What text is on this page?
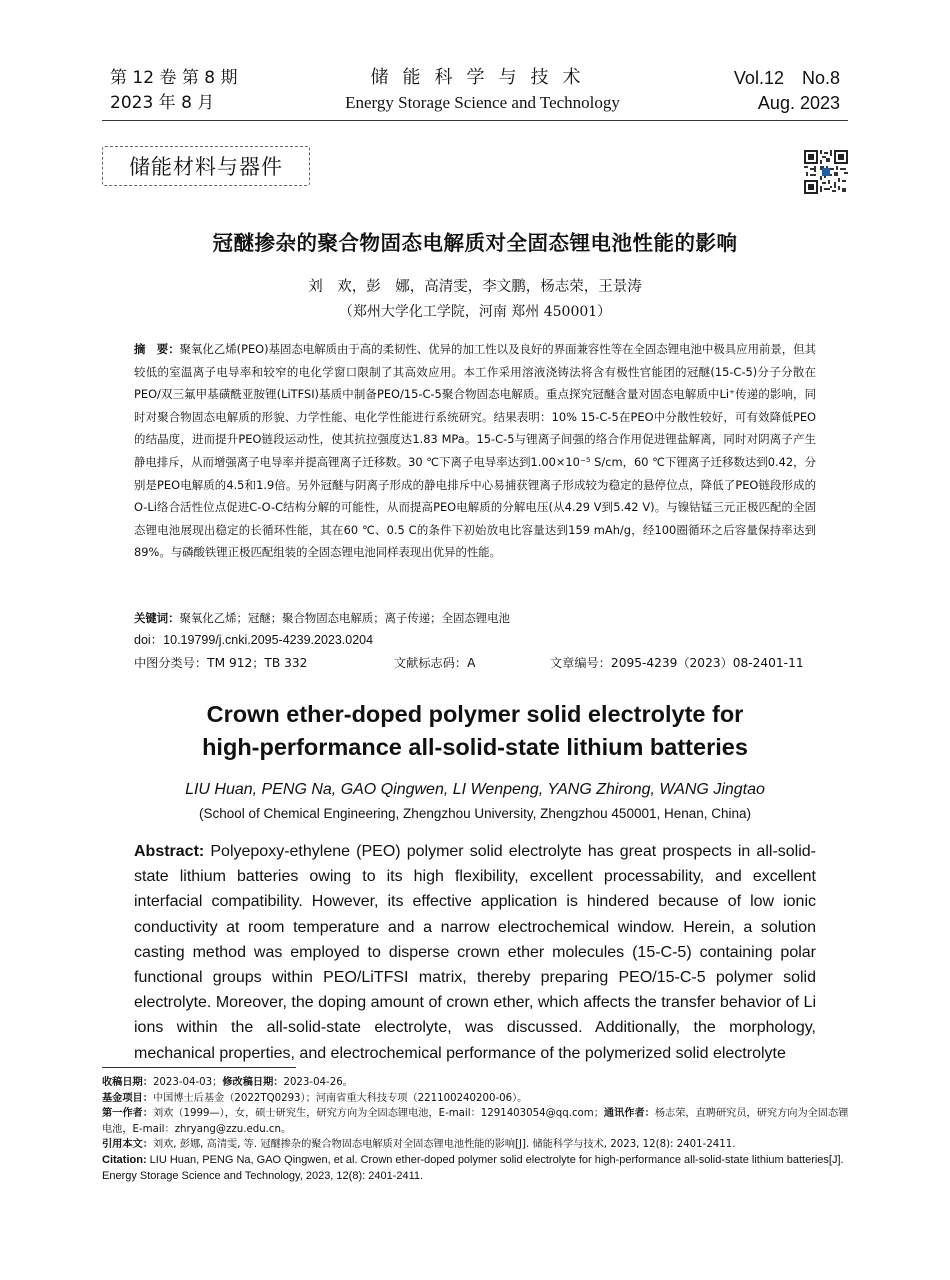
第 12 卷 第 8 期
2023 年 8 月
储能科学与技术
Energy Storage Science and Technology
Vol.12　No.8
Aug. 2023
储能材料与器件
冠醚掺杂的聚合物固态电解质对全固态锂电池性能的影响
刘　欢，彭　娜，高清雯，李文鹏，杨志荣，王景涛
（郑州大学化工学院，河南 郑州 450001）
摘　要：聚氧化乙烯(PEO)基固态电解质由于高的柔韧性、优异的加工性以及良好的界面兼容性等在全固态锂电池中极具应用前景，但其较低的室温离子电导率和较窄的电化学窗口限制了其高效应用。本工作采用溶液浇铸法将含有极性官能团的冠醚(15-C-5)分子分散在PEO/双三氟甲基磺酰亚胺锂(LiTFSI)基质中制备PEO/15-C-5聚合物固态电解质。重点探究冠醚含量对固态电解质中Li⁺传递的影响，同时对聚合物固态电解质的形貌、力学性能、电化学性能进行系统研究。结果表明：10% 15-C-5在PEO中分散性较好，可有效降低PEO的结晶度，进而提升PEO链段运动性，使其抗拉强度达1.83 MPa。15-C-5与锂离子间强的络合作用促进锂盐解离，同时对阴离子产生静电排斥，从而增强离子电导率并提高锂离子迁移数。30 ℃下离子电导率达到1.00×10⁻⁵ S/cm，60 ℃下锂离子迁移数达到0.42，分别是PEO电解质的4.5和1.9倍。另外冠醚与阴离子形成的静电排斥中心易捕获锂离子形成较为稳定的悬停位点，降低了PEO链段形成的O-Li络合活性位点促进C-O-C结构分解的可能性，从而提高PEO电解质的分解电压(从4.29 V到5.42 V)。与镍钴锰三元正极匹配的全固态锂电池展现出稳定的长循环性能，其在60 ℃、0.5 C的条件下初始放电比容量达到159 mAh/g，经100圈循环之后容量保持率达到89%。与磷酸铁锂正极匹配组装的全固态锂电池同样表现出优异的性能。
关键词：聚氧化乙烯；冠醚；聚合物固态电解质；离子传递；全固态锂电池
doi：10.19799/j.cnki.2095-4239.2023.0204
中图分类号：TM 912；TB 332	文献标志码：A	文章编号：2095-4239（2023）08-2401-11
Crown ether-doped polymer solid electrolyte for
high-performance all-solid-state lithium batteries
LIU Huan, PENG Na, GAO Qingwen, LI Wenpeng, YANG Zhirong, WANG Jingtao
(School of Chemical Engineering, Zhengzhou University, Zhengzhou 450001, Henan, China)
Abstract: Polyepoxy-ethylene (PEO) polymer solid electrolyte has great prospects in all-solid-state lithium batteries owing to its high flexibility, excellent processability, and excellent interfacial compatibility. However, its effective application is hindered because of low ionic conductivity at room temperature and a narrow electrochemical window. Herein, a solution casting method was employed to disperse crown ether molecules (15-C-5) containing polar functional groups within PEO/LiTFSI matrix, thereby preparing PEO/15-C-5 polymer solid electrolyte. Moreover, the doping amount of crown ether, which affects the transfer behavior of Li ions within the all-solid-state electrolyte, was discussed. Additionally, the morphology, mechanical properties, and electrochemical performance of the polymerized solid electrolyte

收稿日期：2023-04-03；修改稿日期：2023-04-26。

基金项目：中国博士后基金（2022TQ0293）；河南省重大科技专项（221100240200-06）。

第一作者：刘欢（1999—），女，硕士研究生，研究方向为全固态锂电池，E-mail：1291403054@qq.com；通讯作者：杨志荣，直聘研究员，研究方向为全固态锂电池，E-mail：zhryang@zzu.edu.cn。

引用本文：刘欢, 彭娜, 高清雯, 等. 冠醚掺杂的聚合物固态电解质对全固态锂电池性能的影响[J]. 储能科学与技术, 2023, 12(8): 2401-2411.

Citation: LIU Huan, PENG Na, GAO Qingwen, et al. Crown ether-doped polymer solid electrolyte for high-performance all-solid-state lithium batteries[J]. Energy Storage Science and Technology, 2023, 12(8): 2401-2411.
